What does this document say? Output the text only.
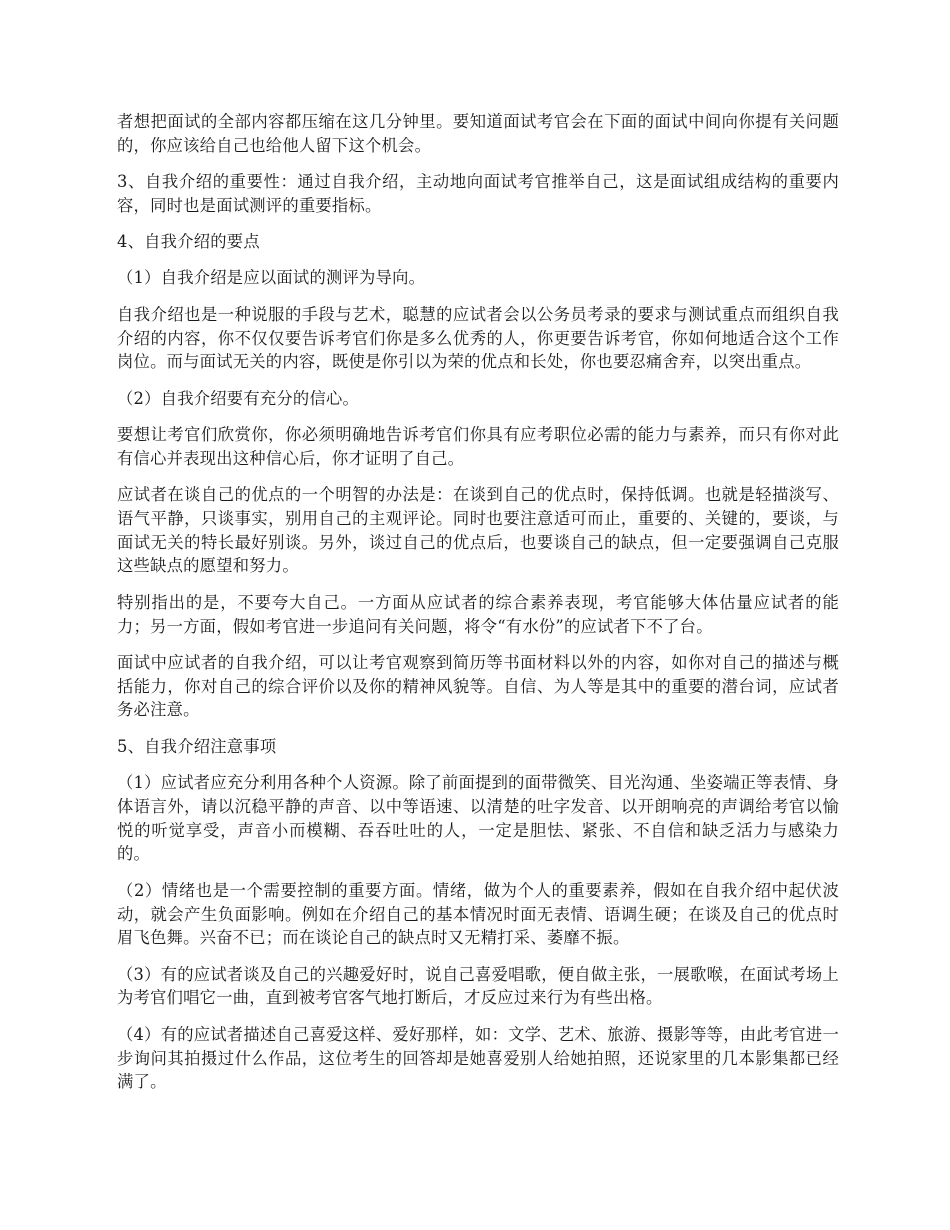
者想把面试的全部内容都压缩在这几分钟里。要知道面试考官会在下面的面试中间向你提有关问题的，你应该给自己也给他人留下这个机会。

3、自我介绍的重要性：通过自我介绍，主动地向面试考官推举自己，这是面试组成结构的重要内容，同时也是面试测评的重要指标。

4、自我介绍的要点

（1）自我介绍是应以面试的测评为导向。

自我介绍也是一种说服的手段与艺术，聪慧的应试者会以公务员考录的要求与测试重点而组织自我介绍的内容，你不仅仅要告诉考官们你是多么优秀的人，你更要告诉考官，你如何地适合这个工作岗位。而与面试无关的内容，既使是你引以为荣的优点和长处，你也要忍痛舍弃，以突出重点。

（2）自我介绍要有充分的信心。

要想让考官们欣赏你，你必须明确地告诉考官们你具有应考职位必需的能力与素养，而只有你对此有信心并表现出这种信心后，你才证明了自己。

应试者在谈自己的优点的一个明智的办法是：在谈到自己的优点时，保持低调。也就是轻描淡写、语气平静，只谈事实，别用自己的主观评论。同时也要注意适可而止，重要的、关键的，要谈，与面试无关的特长最好别谈。另外，谈过自己的优点后，也要谈自己的缺点，但一定要强调自己克服这些缺点的愿望和努力。

特别指出的是，不要夸大自己。一方面从应试者的综合素养表现，考官能够大体估量应试者的能力；另一方面，假如考官进一步追问有关问题，将令“有水份”的应试者下不了台。

面试中应试者的自我介绍，可以让考官观察到简历等书面材料以外的内容，如你对自己的描述与概括能力，你对自己的综合评价以及你的精神风貌等。自信、为人等是其中的重要的潜台词，应试者务必注意。

5、自我介绍注意事项

（1）应试者应充分利用各种个人资源。除了前面提到的面带微笑、目光沟通、坐姿端正等表情、身体语言外，请以沉稳平静的声音、以中等语速、以清楚的吐字发音、以开朗响亮的声调给考官以愉悦的听觉享受，声音小而模糊、吞吞吐吐的人，一定是胆怯、紧张、不自信和缺乏活力与感染力的。

（2）情绪也是一个需要控制的重要方面。情绪，做为个人的重要素养，假如在自我介绍中起伏波动，就会产生负面影响。例如在介绍自己的基本情况时面无表情、语调生硬；在谈及自己的优点时眉飞色舞。兴奋不已；而在谈论自己的缺点时又无精打采、萎靡不振。

（3）有的应试者谈及自己的兴趣爱好时，说自己喜爱唱歌，便自做主张，一展歌喉，在面试考场上为考官们唱它一曲，直到被考官客气地打断后，才反应过来行为有些出格。

（4）有的应试者描述自己喜爱这样、爱好那样，如：文学、艺术、旅游、摄影等等，由此考官进一步询问其拍摄过什么作品，这位考生的回答却是她喜爱别人给她拍照，还说家里的几本影集都已经满了。
